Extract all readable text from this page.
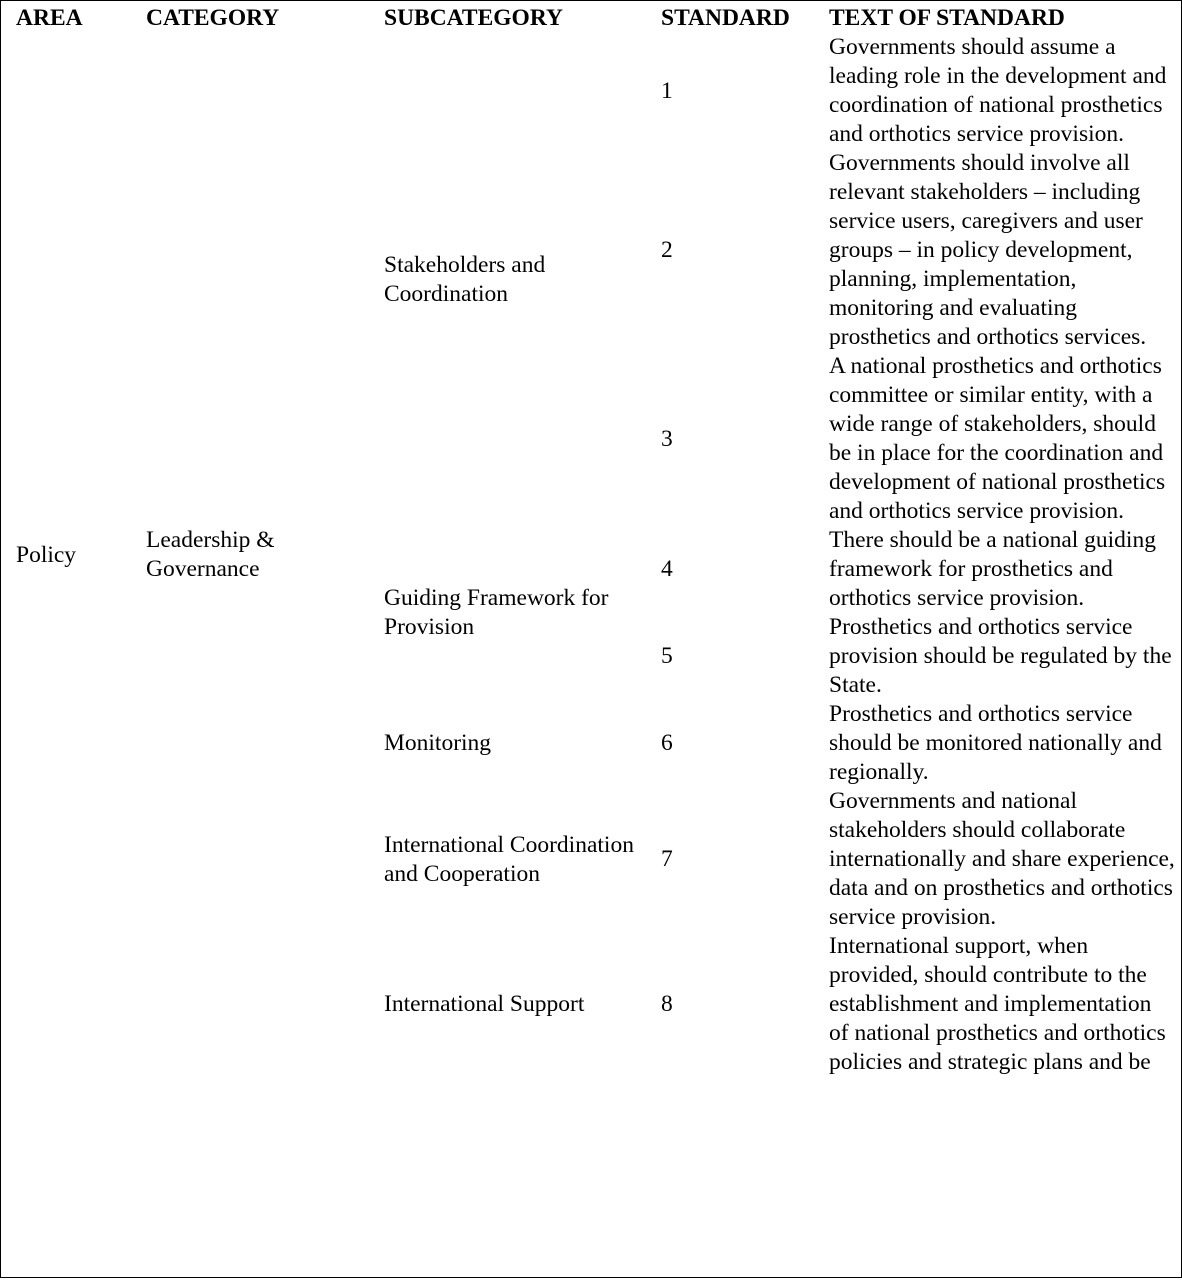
AREA	CATEGORY	SUBCATEGORY	STANDARD	TEXT OF STANDARD
Policy	Leadership & Governance	Stakeholders and Coordination	1	Governments should assume a leading role in the development and coordination of national prosthetics and orthotics service provision.
			2	Governments should involve all relevant stakeholders – including service users, caregivers and user groups – in policy development, planning, implementation, monitoring and evaluating prosthetics and orthotics services.
			3	A national prosthetics and orthotics committee or similar entity, with a wide range of stakeholders, should be in place for the coordination and development of national prosthetics and orthotics service provision.
		Guiding Framework for Provision	4	There should be a national guiding framework for prosthetics and orthotics service provision.
			5	Prosthetics and orthotics service provision should be regulated by the State.
		Monitoring	6	Prosthetics and orthotics service should be monitored nationally and regionally.
		International Coordination and Cooperation	7	Governments and national stakeholders should collaborate internationally and share experience, data and on prosthetics and orthotics service provision.
		International Support	8	International support, when provided, should contribute to the establishment and implementation of national prosthetics and orthotics policies and strategic plans and be
